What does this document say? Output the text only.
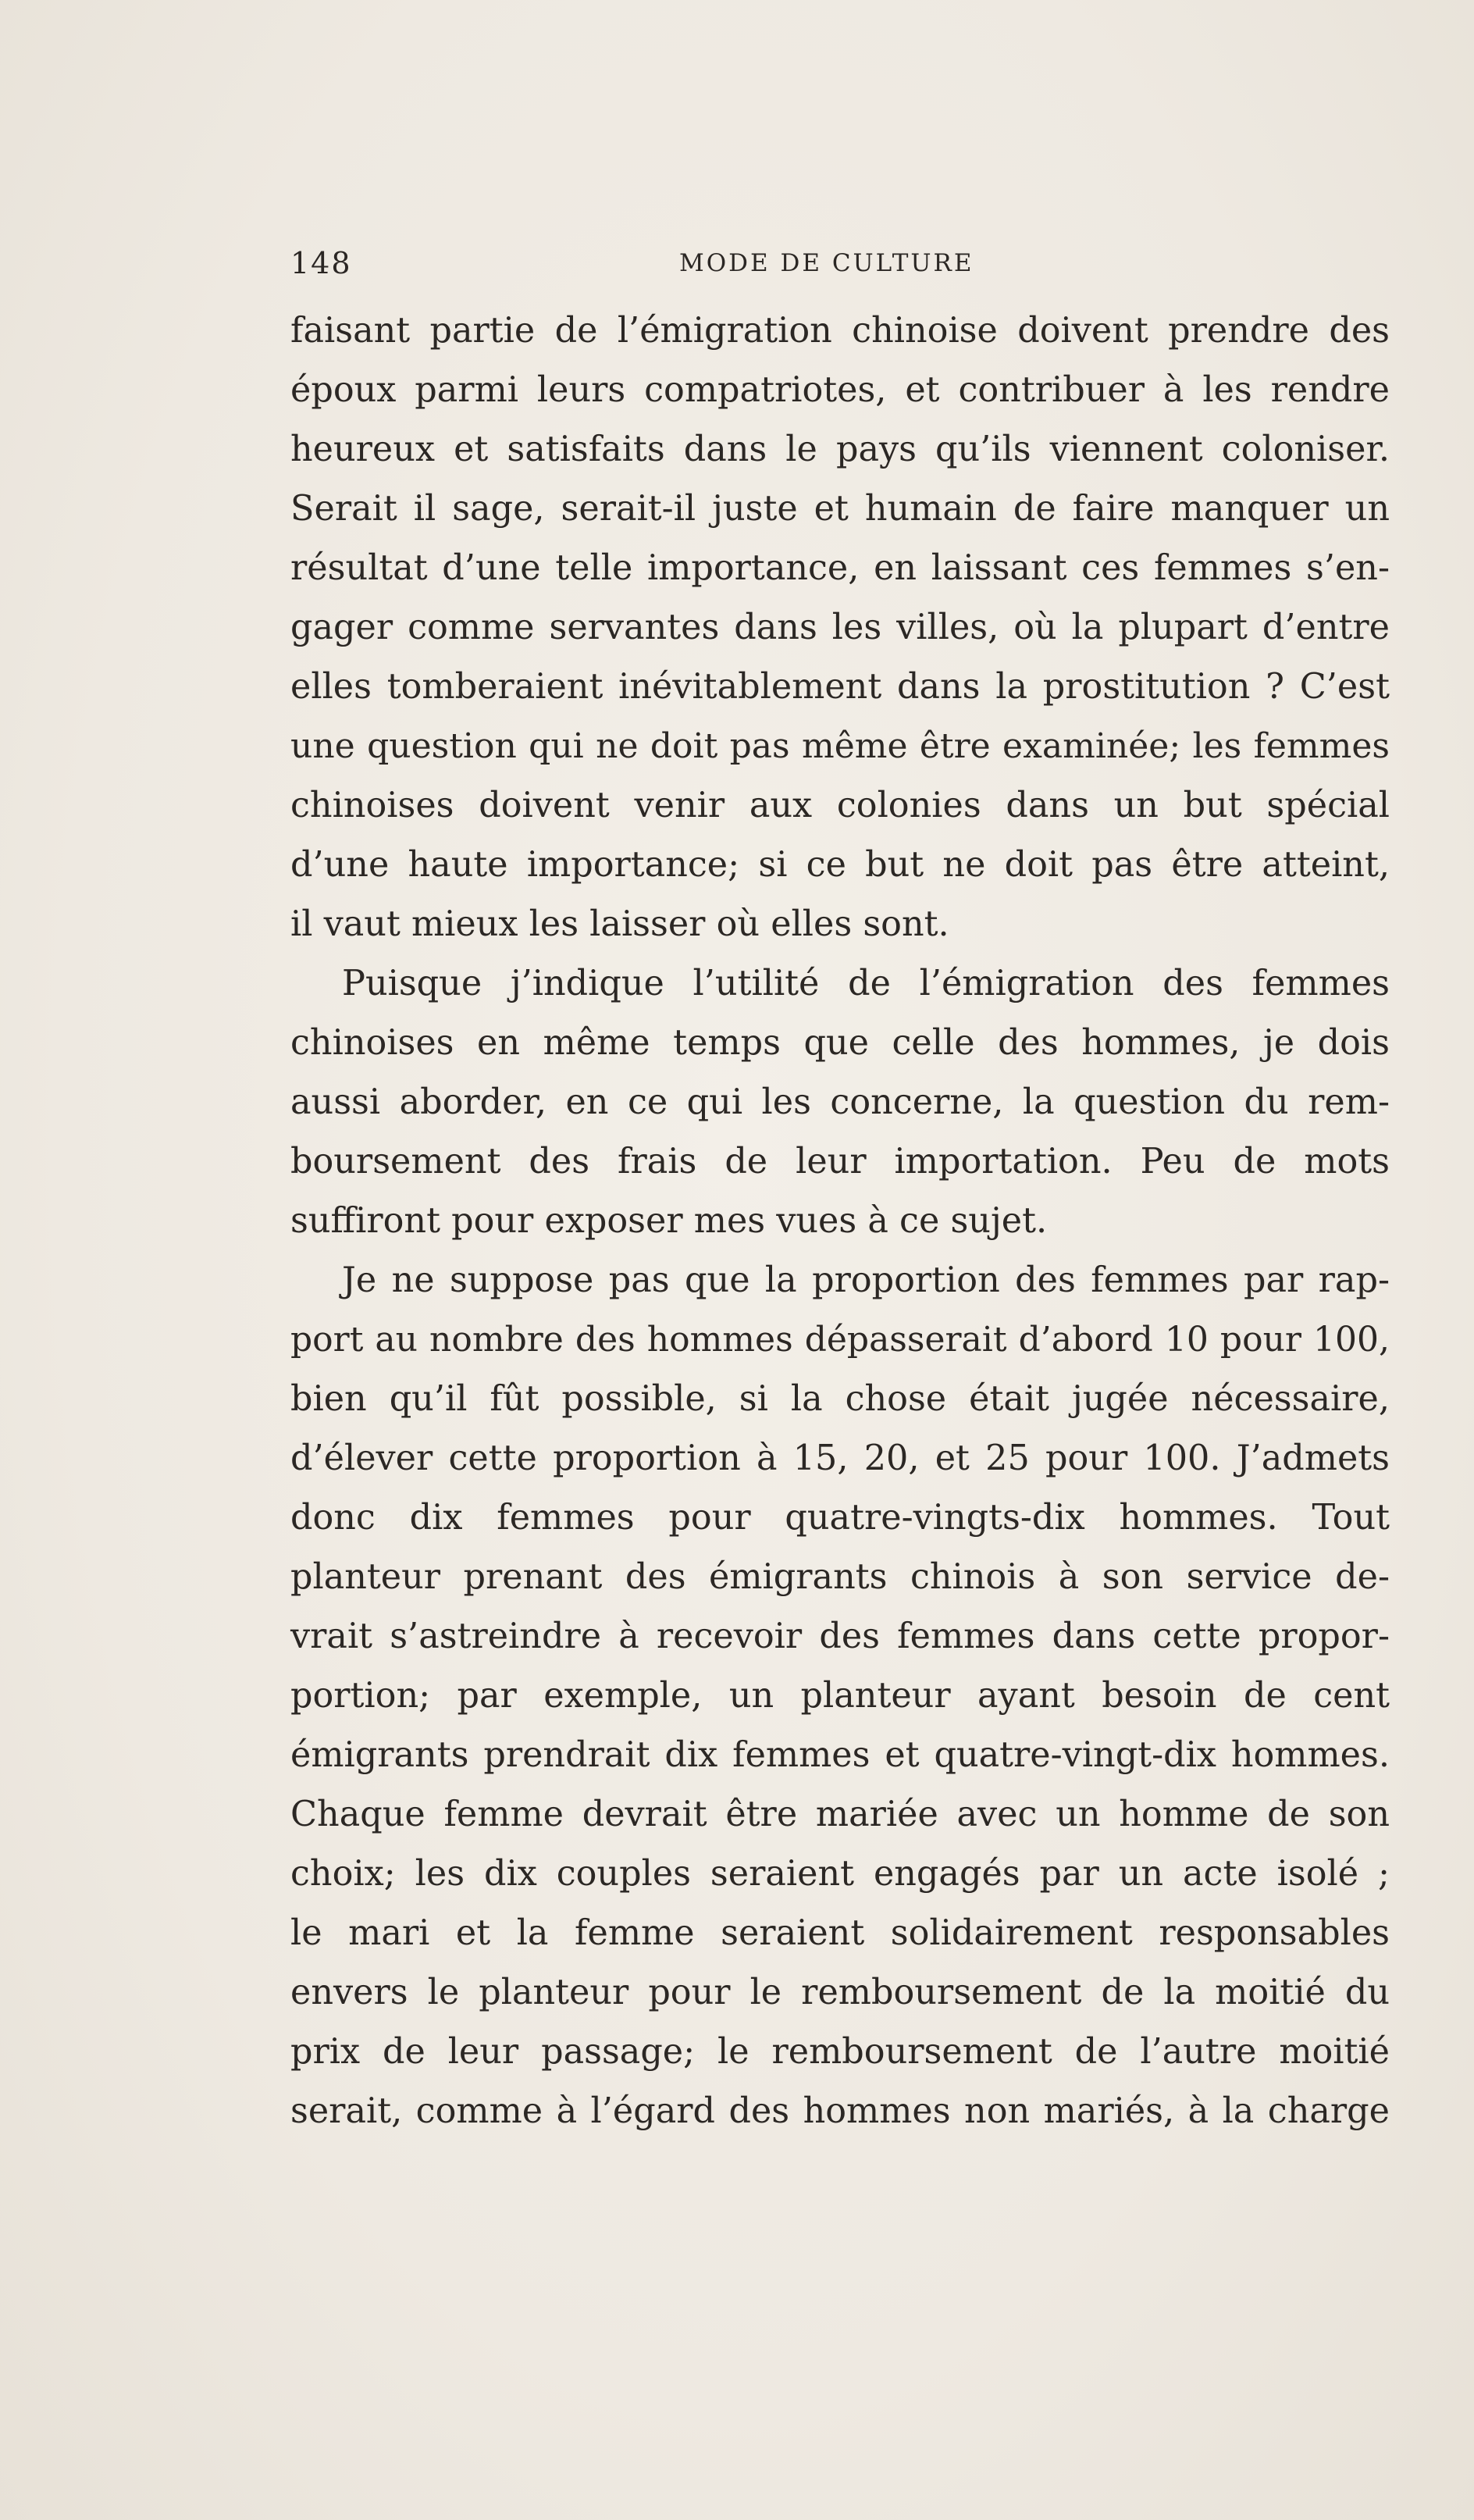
148	MODE DE CULTURE
faisant partie de l’émigration chinoise doivent prendre des
époux parmi leurs compatriotes, et contribuer à les rendre
heureux et satisfaits dans le pays qu’ils viennent coloniser.
Serait il sage, serait-il juste et humain de faire manquer un
résultat d’une telle importance, en laissant ces femmes s’en-
gager comme servantes dans les villes, où la plupart d’entre
elles tomberaient inévitablement dans la prostitution ? C’est
une question qui ne doit pas même être examinée; les femmes
chinoises doivent venir aux colonies dans un but spécial
d’une haute importance; si ce but ne doit pas être atteint,
il vaut mieux les laisser où elles sont.
Puisque j’indique l’utilité de l’émigration des femmes
chinoises en même temps que celle des hommes, je dois
aussi aborder, en ce qui les concerne, la question du rem-
boursement des frais de leur importation. Peu de mots
suffiront pour exposer mes vues à ce sujet.
Je ne suppose pas que la proportion des femmes par rap-
port au nombre des hommes dépasserait d’abord 10 pour 100,
bien qu’il fût possible, si la chose était jugée nécessaire,
d’élever cette proportion à 15, 20, et 25 pour 100. J’admets
donc dix femmes pour quatre-vingts-dix hommes. Tout
planteur prenant des émigrants chinois à son service de-
vrait s’astreindre à recevoir des femmes dans cette propor-
portion; par exemple, un planteur ayant besoin de cent
émigrants prendrait dix femmes et quatre-vingt-dix hommes.
Chaque femme devrait être mariée avec un homme de son
choix; les dix couples seraient engagés par un acte isolé ;
le mari et la femme seraient solidairement responsables
envers le planteur pour le remboursement de la moitié du
prix de leur passage; le remboursement de l’autre moitié
serait, comme à l’égard des hommes non mariés, à la charge
